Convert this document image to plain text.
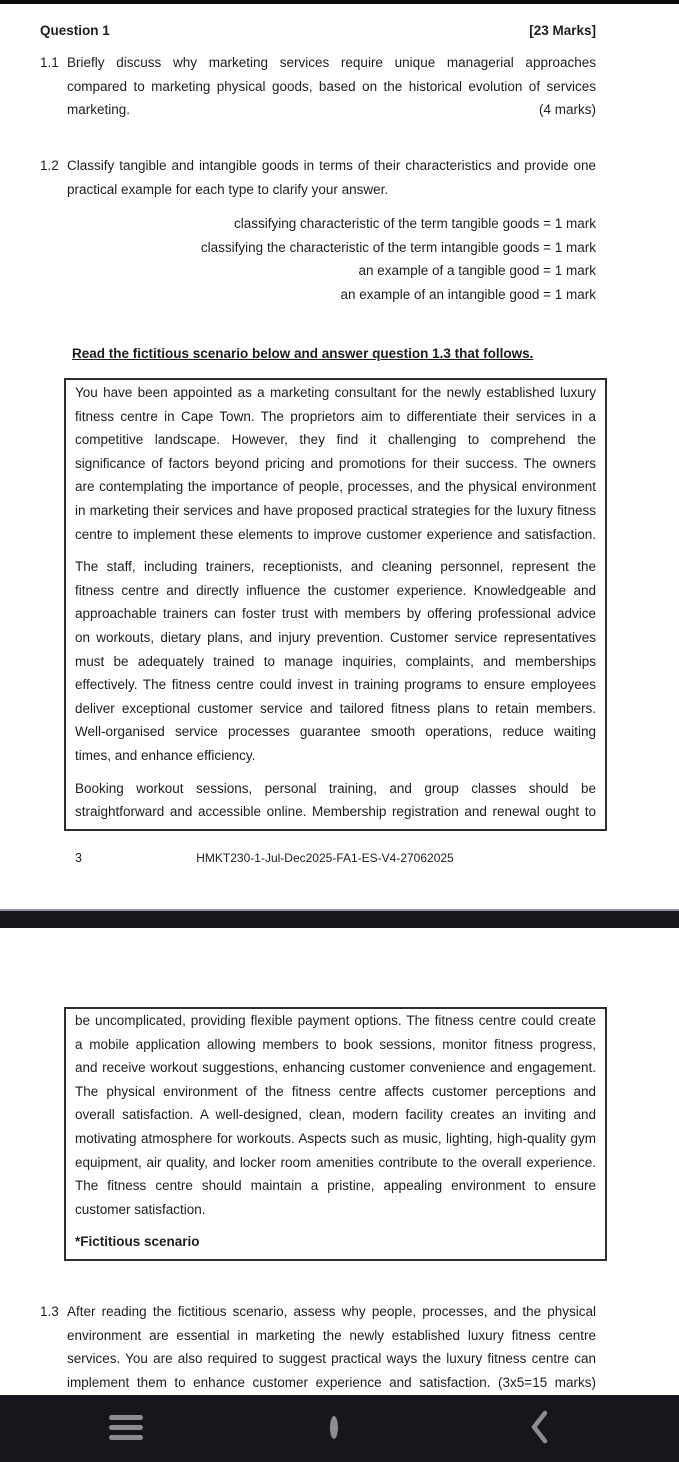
Question 1	[23 Marks]
1.1 Briefly discuss why marketing services require unique managerial approaches
compared to marketing physical goods, based on the historical evolution of services
marketing.	(4 marks)
1.2 Classify tangible and intangible goods in terms of their characteristics and provide one
practical example for each type to clarify your answer.
classifying characteristic of the term tangible goods = 1 mark
classifying the characteristic of the term intangible goods = 1 mark
an example of a tangible good = 1 mark
an example of an intangible good = 1 mark
Read the fictitious scenario below and answer question 1.3 that follows.
You have been appointed as a marketing consultant for the newly established luxury
fitness centre in Cape Town. The proprietors aim to differentiate their services in a
competitive landscape. However, they find it challenging to comprehend the
significance of factors beyond pricing and promotions for their success. The owners
are contemplating the importance of people, processes, and the physical environment
in marketing their services and have proposed practical strategies for the luxury fitness
centre to implement these elements to improve customer experience and satisfaction.
The staff, including trainers, receptionists, and cleaning personnel, represent the
fitness centre and directly influence the customer experience. Knowledgeable and
approachable trainers can foster trust with members by offering professional advice
on workouts, dietary plans, and injury prevention. Customer service representatives
must be adequately trained to manage inquiries, complaints, and memberships
effectively. The fitness centre could invest in training programs to ensure employees
deliver exceptional customer service and tailored fitness plans to retain members.
Well-organised service processes guarantee smooth operations, reduce waiting
times, and enhance efficiency.
Booking workout sessions, personal training, and group classes should be
straightforward and accessible online. Membership registration and renewal ought to
3	HMKT230-1-Jul-Dec2025-FA1-ES-V4-27062025
be uncomplicated, providing flexible payment options. The fitness centre could create
a mobile application allowing members to book sessions, monitor fitness progress,
and receive workout suggestions, enhancing customer convenience and engagement.
The physical environment of the fitness centre affects customer perceptions and
overall satisfaction. A well-designed, clean, modern facility creates an inviting and
motivating atmosphere for workouts. Aspects such as music, lighting, high-quality gym
equipment, air quality, and locker room amenities contribute to the overall experience.
The fitness centre should maintain a pristine, appealing environment to ensure
customer satisfaction.
*Fictitious scenario
1.3 After reading the fictitious scenario, assess why people, processes, and the physical
environment are essential in marketing the newly established luxury fitness centre
services. You are also required to suggest practical ways the luxury fitness centre can
implement them to enhance customer experience and satisfaction. (3x5=15 marks)
